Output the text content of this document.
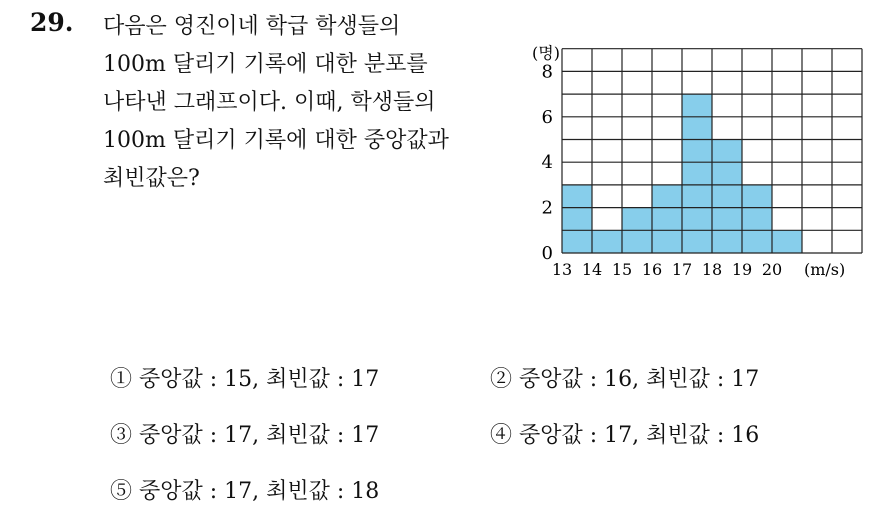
29. 다음은 영진이네 학급 학생들의
100m 달리기 기록에 대한 분포를
나타낸 그래프이다. 이때, 학생들의
100m 달리기 기록에 대한 중앙값과
최빈값은?

0
2
4
6
8
13 14 15 16 17 18 19 20
(명)
(m/s)
① 중앙값 : 15, 최빈값 : 17	② 중앙값 : 16, 최빈값 : 17
③ 중앙값 : 17, 최빈값 : 17	④ 중앙값 : 17, 최빈값 : 16
⑤ 중앙값 : 17, 최빈값 : 18
